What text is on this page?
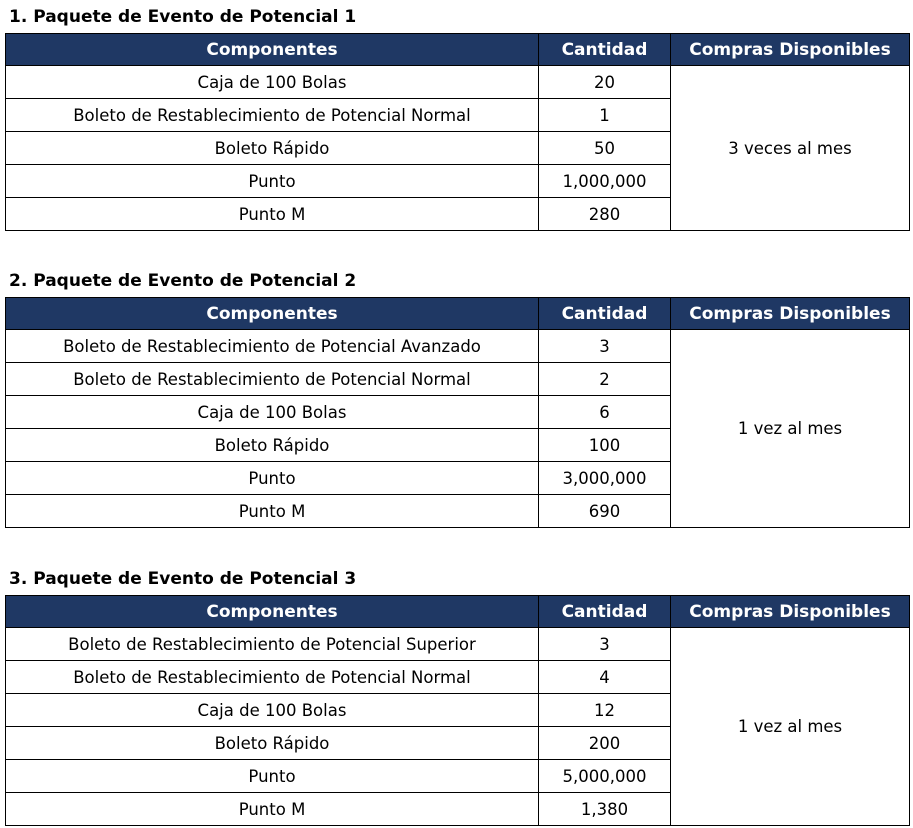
1. Paquete de Evento de Potencial 1
Componentes	Cantidad	Compras Disponibles
Caja de 100 Bolas	20	3 veces al mes
Boleto de Restablecimiento de Potencial Normal	1	
Boleto Rápido	50	
Punto	1,000,000	
Punto M	280	
2. Paquete de Evento de Potencial 2
Componentes	Cantidad	Compras Disponibles
Boleto de Restablecimiento de Potencial Avanzado	3	1 vez al mes
Boleto de Restablecimiento de Potencial Normal	2	
Caja de 100 Bolas	6	
Boleto Rápido	100	
Punto	3,000,000	
Punto M	690	
3. Paquete de Evento de Potencial 3
Componentes	Cantidad	Compras Disponibles
Boleto de Restablecimiento de Potencial Superior	3	1 vez al mes
Boleto de Restablecimiento de Potencial Normal	4	
Caja de 100 Bolas	12	
Boleto Rápido	200	
Punto	5,000,000	
Punto M	1,380	
